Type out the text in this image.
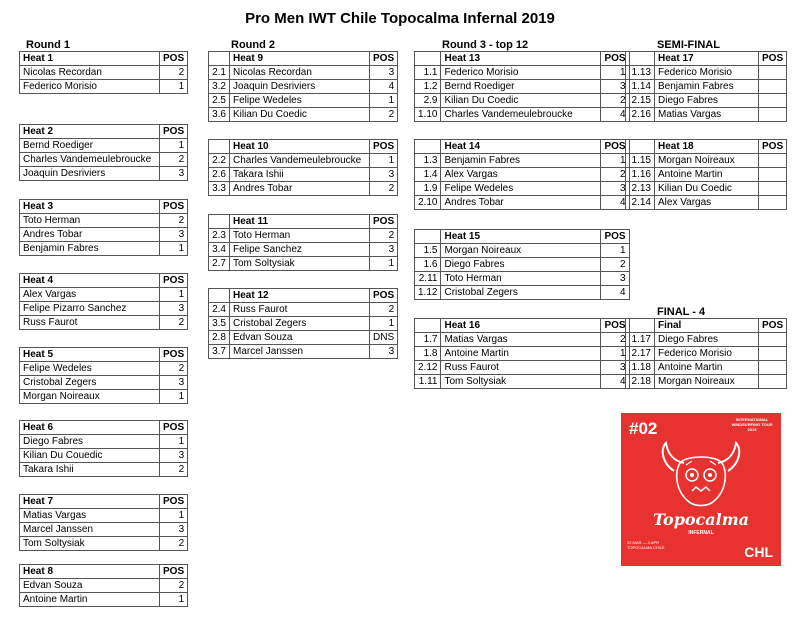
Pro Men IWT Chile Topocalma Infernal 2019
Round 1	Round 2	Round 3 - top 12	SEMI-FINAL
FINAL - 4
Heat 1	POS
Nicolas Recordan	2
Federico Morisio	1
Heat 2	POS
Bernd Roediger	1
Charles Vandemeulebroucke	2
Joaquin Desriviers	3
Heat 3	POS
Toto Herman	2
Andres Tobar	3
Benjamin Fabres	1
Heat 4	POS
Alex Vargas	1
Felipe Pizarro Sanchez	3
Russ Faurot	2
Heat 5	POS
Felipe Wedeles	2
Cristobal Zegers	3
Morgan Noireaux	1
Heat 6	POS
Diego Fabres	1
Kilian Du Couedic	3
Takara Ishii	2
Heat 7	POS
Matias Vargas	1
Marcel Janssen	3
Tom Soltysiak	2
Heat 8	POS
Edvan Souza	2
Antoine Martin	1
	Heat 9	POS
2.1	Nicolas Recordan	3
3.2	Joaquin Desriviers	4
2.5	Felipe Wedeles	1
3.6	Kilian Du Coedic	2
	Heat 10	POS
2.2	Charles Vandemeulebroucke	1
2.6	Takara Ishii	3
3.3	Andres Tobar	2
	Heat 11	POS
2.3	Toto Herman	2
3.4	Felipe Sanchez	3
2.7	Tom Soltysiak	1
	Heat 12	POS
2.4	Russ Faurot	2
3.5	Cristobal Zegers	1
2.8	Edvan Souza	DNS
3.7	Marcel Janssen	3
	Heat 13	POS
1.1	Federico Morisio	1
1.2	Bernd Roediger	3
2.9	Kilian Du Coedic	2
1.10	Charles Vandemeulebroucke	4
	Heat 14	POS
1.3	Benjamin Fabres	1
1.4	Alex Vargas	2
1.9	Felipe Wedeles	3
2.10	Andres Tobar	4
	Heat 15	POS
1.5	Morgan Noireaux	1
1.6	Diego Fabres	2
2.11	Toto Herman	3
1.12	Cristobal Zegers	4
	Heat 16	POS
1.7	Matias Vargas	2
1.8	Antoine Martin	1
2.12	Russ Faurot	3
1.11	Tom Soltysiak	4
	Heat 17	POS
1.13	Federico Morisio	
1.14	Benjamin Fabres	
2.15	Diego Fabres	
2.16	Matias Vargas	
	Heat 18	POS
1.15	Morgan Noireaux	
1.16	Antoine Martin	
2.13	Kilian Du Coedic	
2.14	Alex Vargas	
	Final	POS
1.17	Diego Fabres	
2.17	Federico Morisio	
1.18	Antoine Martin	
2.18	Morgan Noireaux	
#02	INTERNATIONAL WINDSURFING TOUR 2019
Topocalma
INFERNAL
22 MAR — 4 APR
TOPOCALMA CHILE	CHL
